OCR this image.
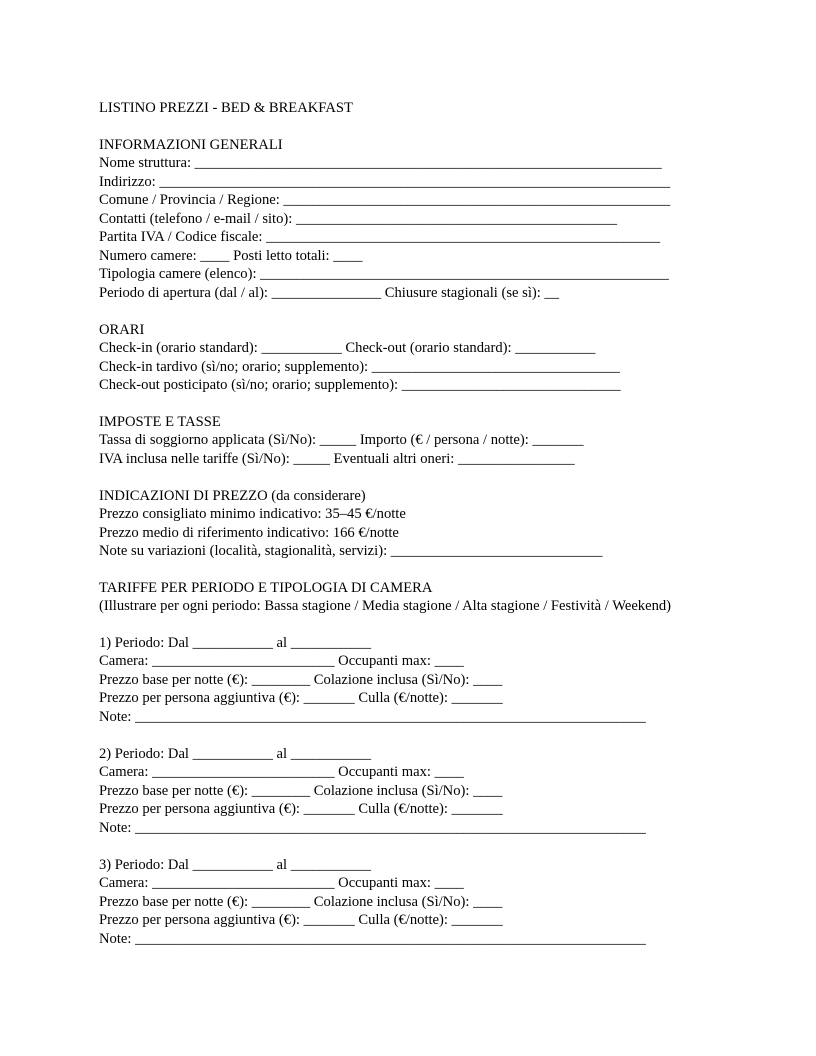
LISTINO PREZZI - BED & BREAKFAST
INFORMAZIONI GENERALI
Nome struttura: ________________________________________________________________
Indirizzo: ______________________________________________________________________
Comune / Provincia / Regione: _____________________________________________________
Contatti (telefono / e-mail / sito): ____________________________________________
Partita IVA / Codice fiscale: ______________________________________________________
Numero camere: ____ Posti letto totali: ____
Tipologia camere (elenco): ________________________________________________________
Periodo di apertura (dal / al): _______________ Chiusure stagionali (se sì): __
ORARI
Check-in (orario standard): ___________ Check-out (orario standard): ___________
Check-in tardivo (sì/no; orario; supplemento): __________________________________
Check-out posticipato (sì/no; orario; supplemento): ______________________________
IMPOSTE E TASSE
Tassa di soggiorno applicata (Sì/No): _____ Importo (€ / persona / notte): _______
IVA inclusa nelle tariffe (Sì/No): _____ Eventuali altri oneri: ________________
INDICAZIONI DI PREZZO (da considerare)
Prezzo consigliato minimo indicativo: 35–45 €/notte
Prezzo medio di riferimento indicativo: 166 €/notte
Note su variazioni (località, stagionalità, servizi): _____________________________
TARIFFE PER PERIODO E TIPOLOGIA DI CAMERA
(Illustrare per ogni periodo: Bassa stagione / Media stagione / Alta stagione / Festività / Weekend)
1) Periodo: Dal ___________ al ___________
Camera: _________________________ Occupanti max: ____
Prezzo base per notte (€): ________ Colazione inclusa (Sì/No): ____
Prezzo per persona aggiuntiva (€): _______ Culla (€/notte): _______
Note: ______________________________________________________________________
2) Periodo: Dal ___________ al ___________
Camera: _________________________ Occupanti max: ____
Prezzo base per notte (€): ________ Colazione inclusa (Sì/No): ____
Prezzo per persona aggiuntiva (€): _______ Culla (€/notte): _______
Note: ______________________________________________________________________
3) Periodo: Dal ___________ al ___________
Camera: _________________________ Occupanti max: ____
Prezzo base per notte (€): ________ Colazione inclusa (Sì/No): ____
Prezzo per persona aggiuntiva (€): _______ Culla (€/notte): _______
Note: ______________________________________________________________________
